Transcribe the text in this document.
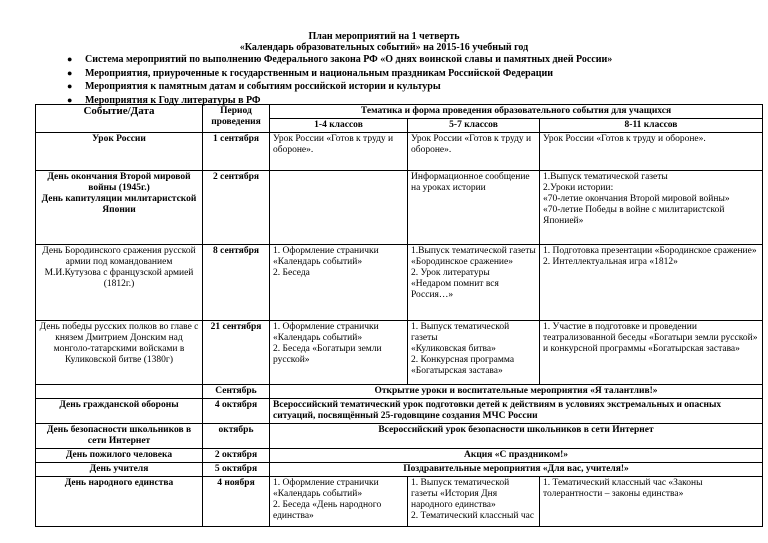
План мероприятий на 1 четверть
«Календарь образовательных событий» на 2015-16 учебный год
● Система мероприятий по выполнению Федерального закона РФ «О днях воинской славы и памятных дней России»
● Мероприятия, приуроченные к государственным и национальным праздникам Российской Федерации
● Мероприятия к памятным датам и событиям российской истории и культуры
● Мероприятия к Году литературы в РФ
Событие/Дата	Период проведения	Тематика и форма проведения образовательного события для учащихся		
		1-4 классов	5-7 классов	8-11 классов
Урок России	1 сентября	Урок России «Готов к труду и обороне».	Урок России «Готов к труду и обороне».	Урок России «Готов к труду и обороне».
День окончания Второй мировой войны (1945г.)
День капитуляции милитаристской Японии	2 сентября		Информационное сообщение на уроках истории	1.Выпуск тематической газеты
2.Уроки истории:
«70-летие окончания Второй мировой войны»
«70-летие Победы в войне с милитаристской Японией»
День Бородинского сражения русской армии под командованием М.И.Кутузова с французской армией (1812г.)	8 сентября	1. Оформление странички «Календарь событий»
2. Беседа	1.Выпуск тематической газеты
«Бородинское сражение»
2. Урок литературы
«Недаром помнит вся Россия…»	1. Подготовка презентации «Бородинское сражение»
2. Интеллектуальная игра «1812»
День победы русских полков во главе с князем Дмитрием Донским над монголо-татарскими войсками в Куликовской битве (1380г)	21 сентября	1. Оформление странички «Календарь событий»
2. Беседа «Богатыри земли русской»	1. Выпуск тематической газеты
«Куликовская битва»
2. Конкурсная программа «Богатырская застава»	1. Участие в подготовке и проведении театрализованной беседы «Богатыри земли русской» и конкурсной программы «Богатырская застава»
	Сентябрь	Открытие уроки и воспитательные мероприятия «Я талантлив!»		
День гражданской обороны	4 октября	Всероссийский тематический урок подготовки детей к действиям в условиях экстремальных и опасных ситуаций, посвящённый 25-годовщине создания МЧС России		
День безопасности школьников в сети Интернет	октябрь	Всероссийский урок безопасности школьников в сети Интернет		
День пожилого человека	2 октября	Акция «С праздником!»		
День учителя	5 октября	Поздравительные мероприятия «Для вас, учителя!»		
День народного единства	4 ноября	1. Оформление странички «Календарь событий»
2. Беседа «День народного единства»	1. Выпуск тематической газеты «История Дня народного единства»
2. Тематический классный час	1. Тематический классный час «Законы толерантности – законы единства»
